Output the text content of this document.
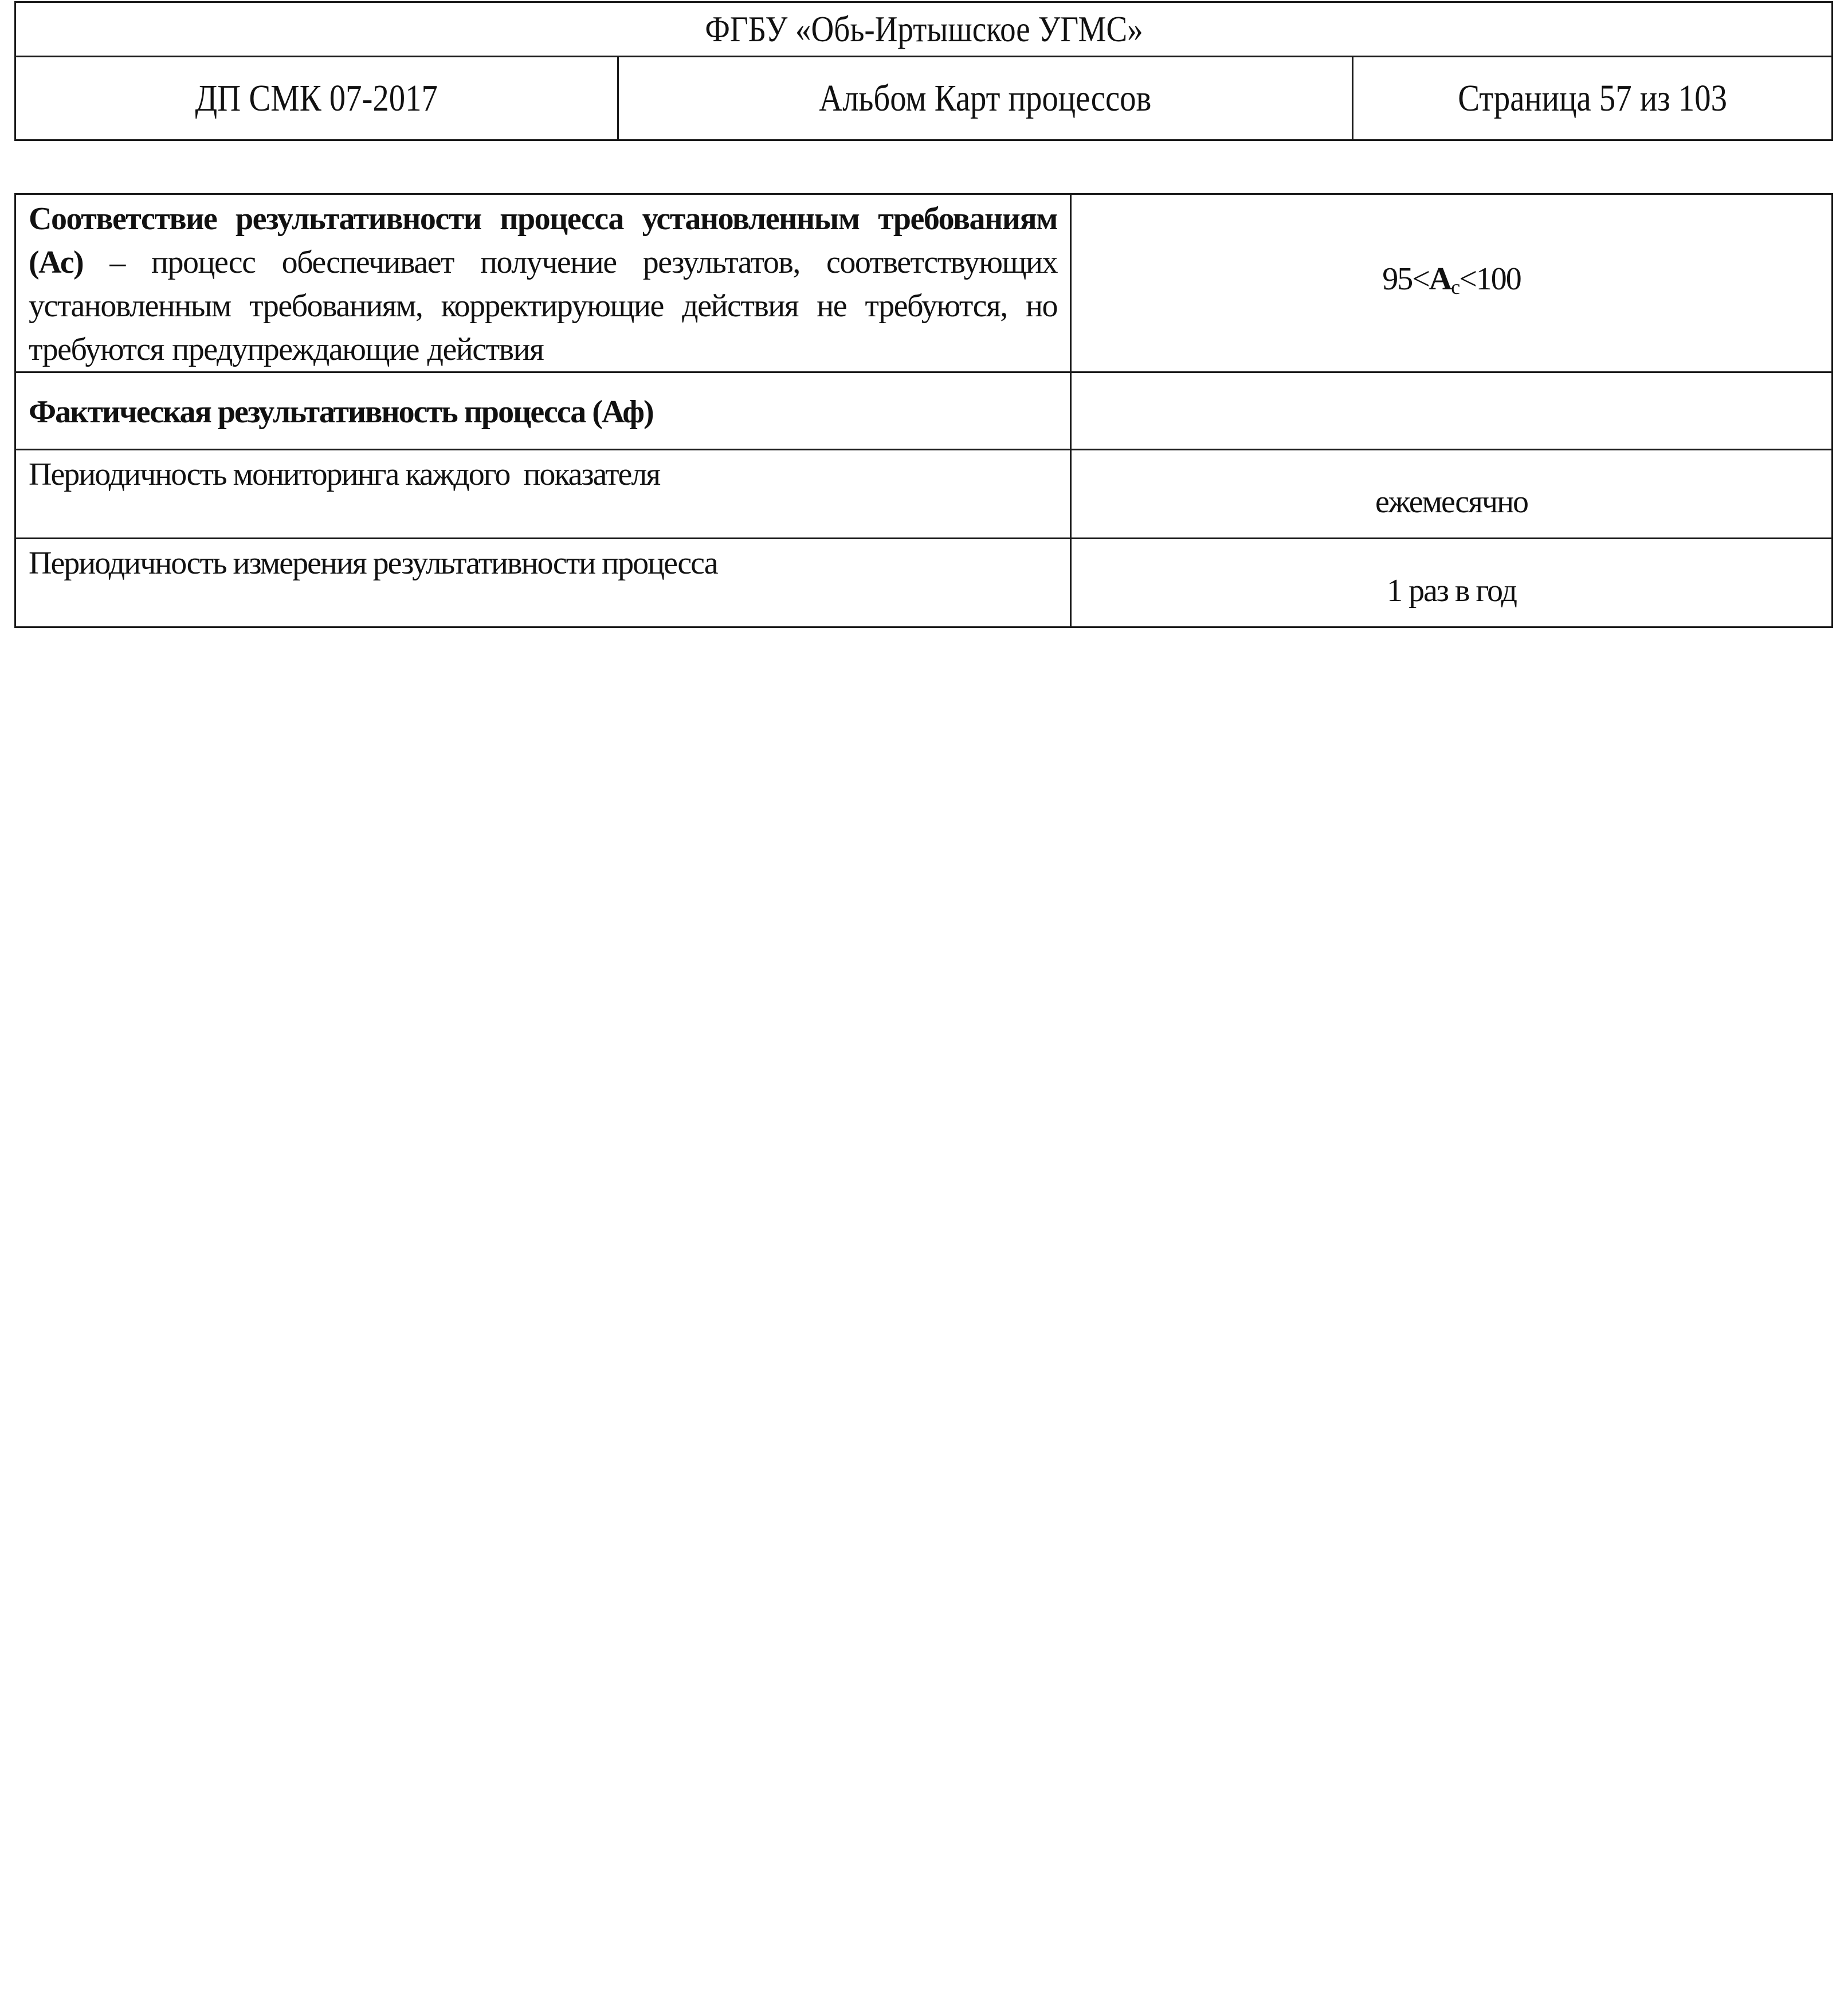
ФГБУ «Обь-Иртышское УГМС»
ДП СМК 07-2017	Альбом Карт процессов	Страница 57 из 103
Соответствие результативности процесса установленным требованиям (Ас) – процесс обеспечивает получение результатов, соответствующих установленным требованиям, корректирующие действия не требуются, но требуются предупреждающие действия	$95<А_с<100$
Фактическая результативность процесса (Аф)	
Периодичность мониторинга каждого  показателя	ежемесячно
Периодичность измерения результативности процесса	1 раз в год
